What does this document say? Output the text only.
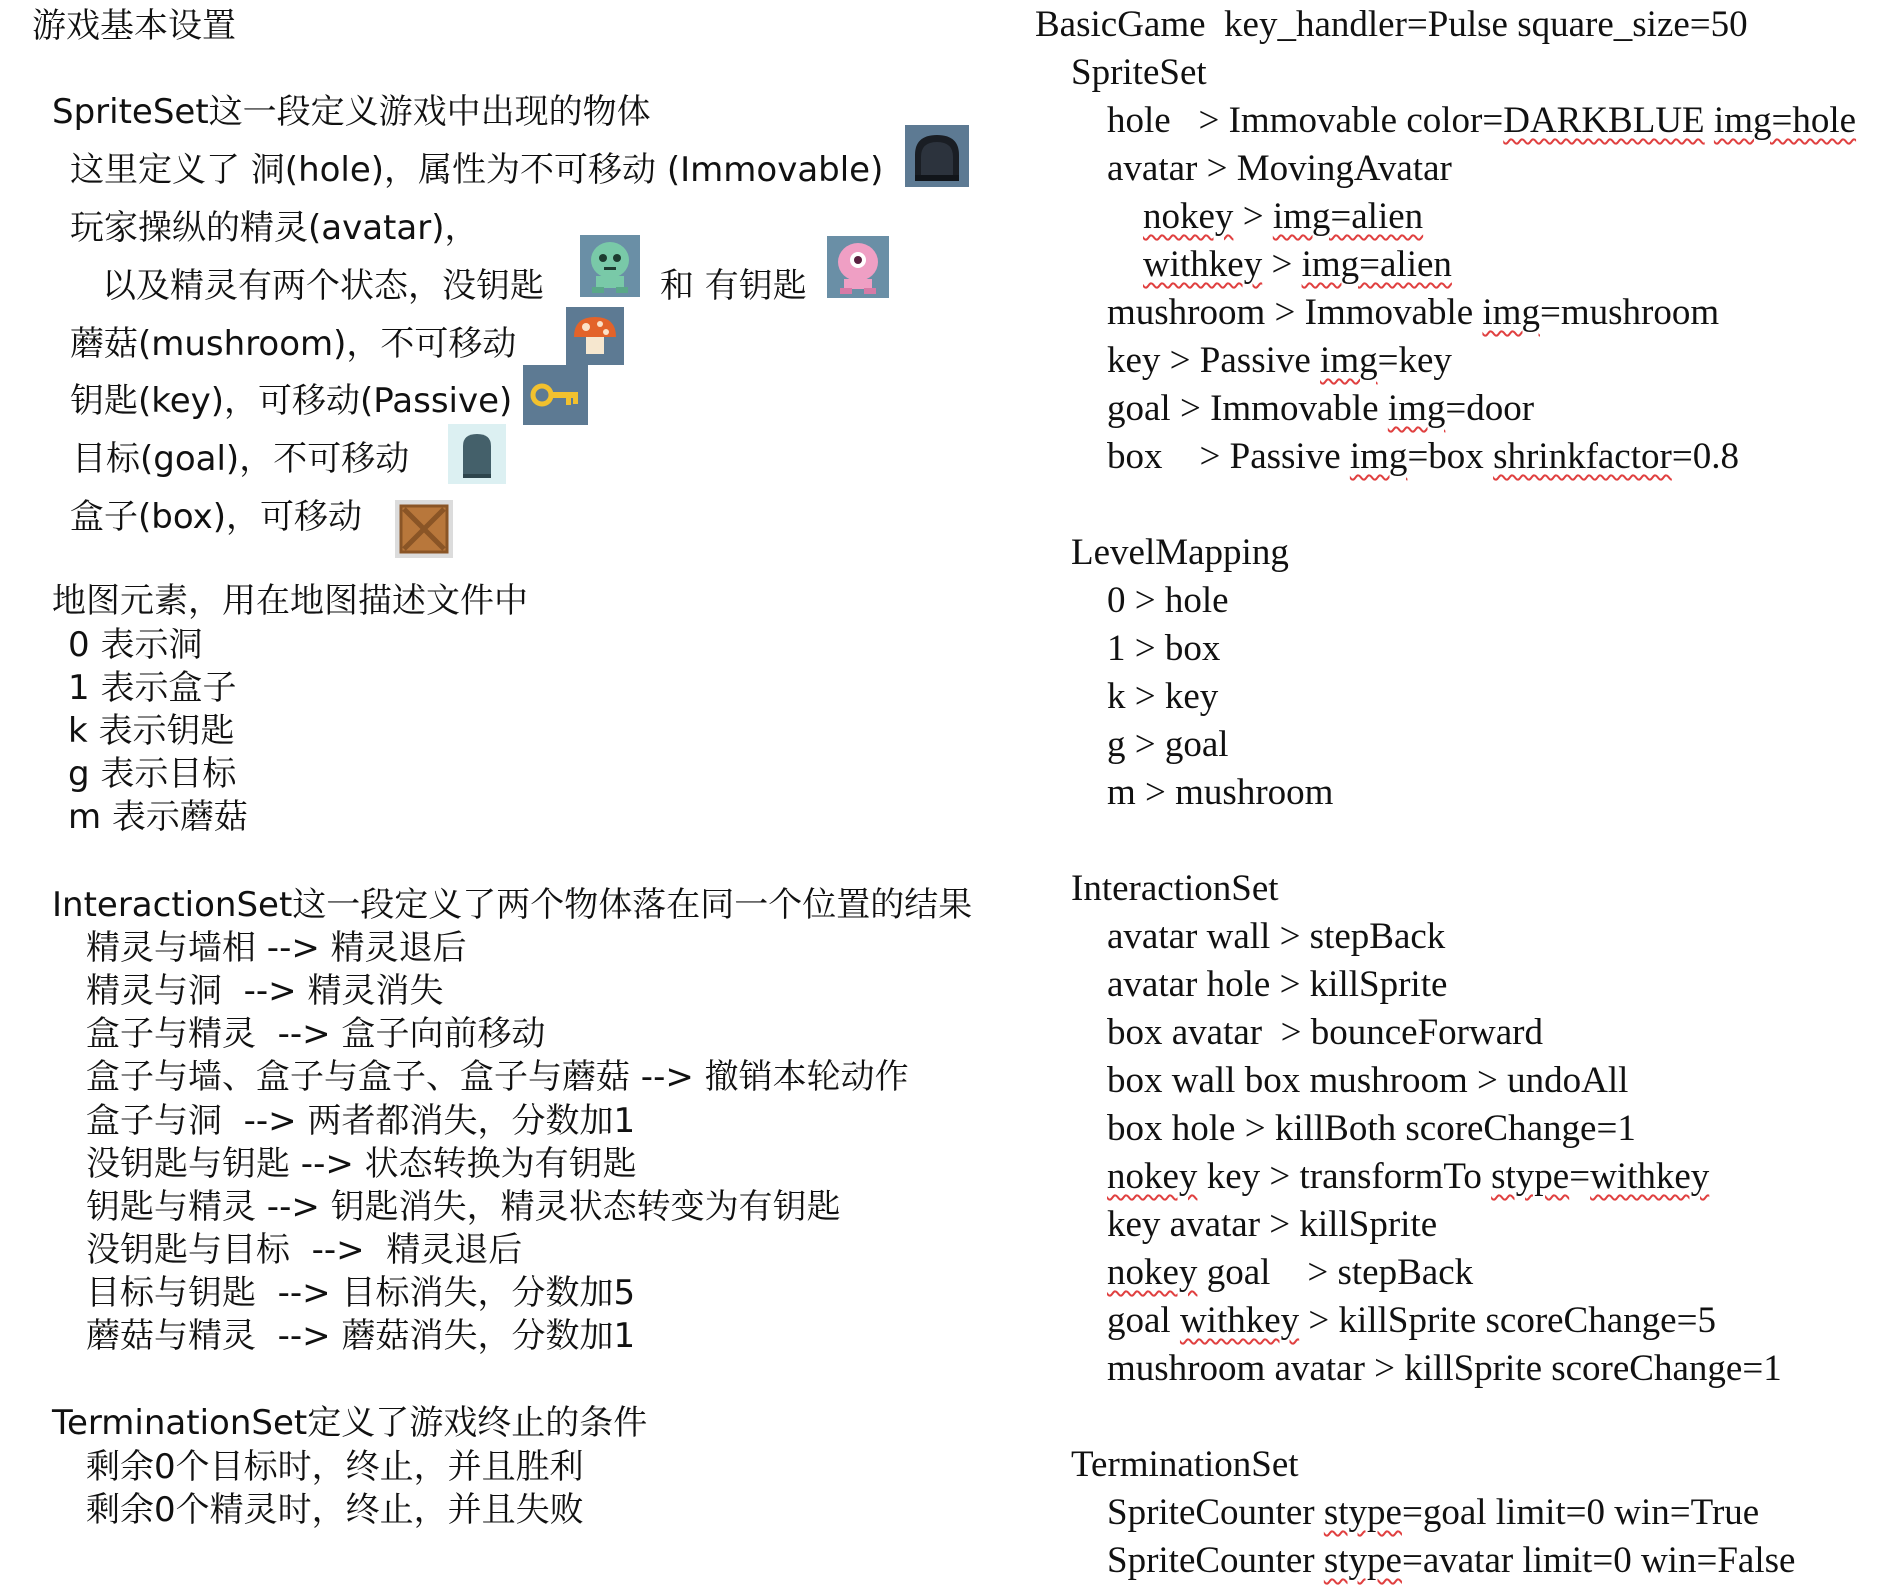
游戏基本设置
SpriteSet这一段定义游戏中出现的物体
这里定义了 洞(hole)，属性为不可移动 (Immovable)
玩家操纵的精灵(avatar)，
以及精灵有两个状态，没钥匙	和 有钥匙
蘑菇(mushroom)，不可移动
钥匙(key)，可移动(Passive)
目标(goal)，不可移动
盒子(box)，可移动
地图元素，用在地图描述文件中
0 表示洞
1 表示盒子
k 表示钥匙
g 表示目标
m 表示蘑菇
InteractionSet这一段定义了两个物体落在同一个位置的结果
精灵与墙相 --> 精灵退后
精灵与洞  --> 精灵消失
盒子与精灵  --> 盒子向前移动
盒子与墙、盒子与盒子、盒子与蘑菇 --> 撤销本轮动作
盒子与洞  --> 两者都消失，分数加1
没钥匙与钥匙 --> 状态转换为有钥匙
钥匙与精灵 --> 钥匙消失，精灵状态转变为有钥匙
没钥匙与目标  -->  精灵退后
目标与钥匙  --> 目标消失，分数加5
蘑菇与精灵  --> 蘑菇消失，分数加1
TerminationSet定义了游戏终止的条件
剩余0个目标时，终止，并且胜利
剩余0个精灵时，终止，并且失败
BasicGame  key_handler=Pulse square_size=50
SpriteSet
hole   > Immovable color=DARKBLUE img=hole
avatar > MovingAvatar
nokey > img=alien
withkey > img=alien
mushroom > Immovable img=mushroom
key > Passive img=key
goal > Immovable img=door
box    > Passive img=box shrinkfactor=0.8
LevelMapping
0 > hole
1 > box
k > key
g > goal
m > mushroom
InteractionSet
avatar wall > stepBack
avatar hole > killSprite
box avatar  > bounceForward
box wall box mushroom > undoAll
box hole > killBoth scoreChange=1
nokey key > transformTo stype=withkey
key avatar > killSprite
nokey goal    > stepBack
goal withkey > killSprite scoreChange=5
mushroom avatar > killSprite scoreChange=1
TerminationSet
SpriteCounter stype=goal limit=0 win=True
SpriteCounter stype=avatar limit=0 win=False
